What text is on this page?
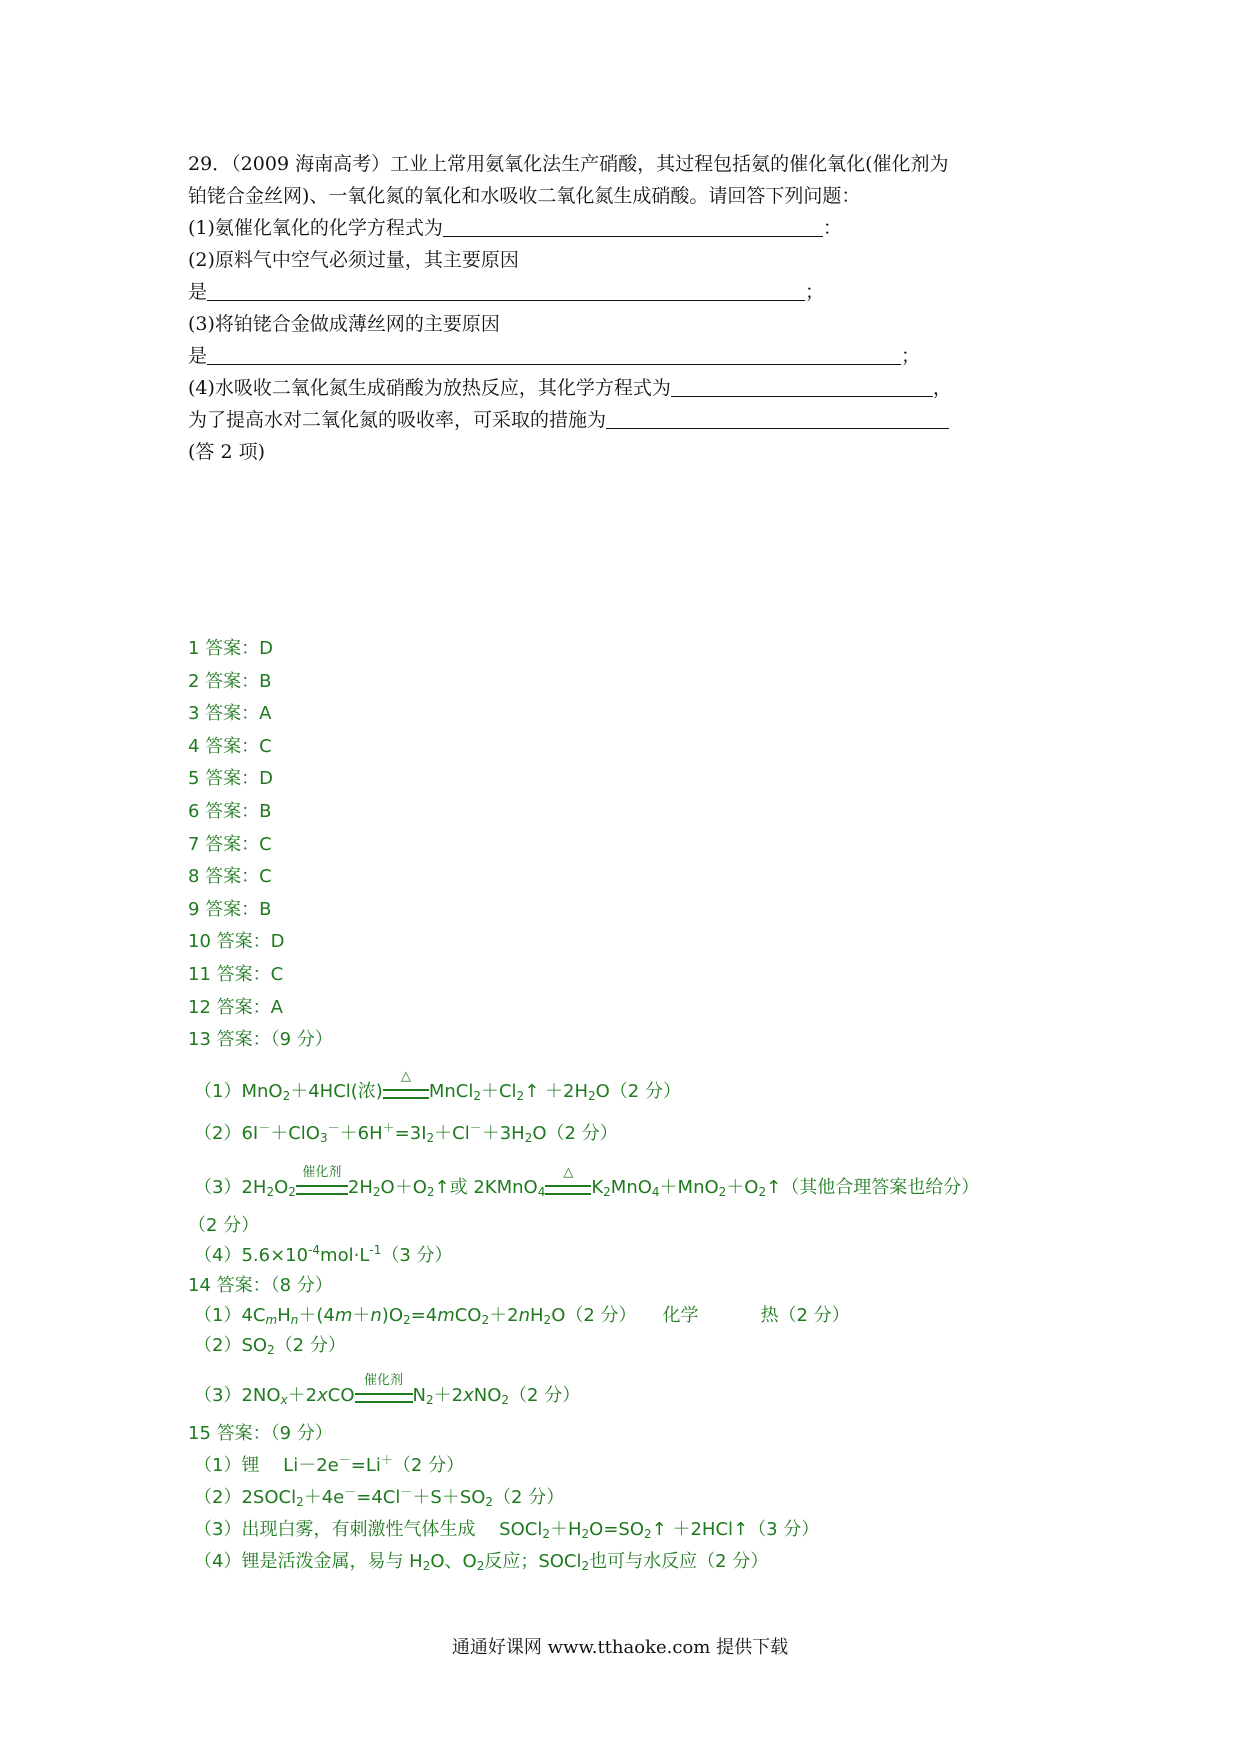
29．（2009 海南高考）工业上常用氨氧化法生产硝酸，其过程包括氨的催化氧化(催化剂为
铂铑合金丝网)、一氧化氮的氧化和水吸收二氧化氮生成硝酸。请回答下列问题：
(1)氨催化氧化的化学方程式为	：
(2)原料气中空气必须过量，其主要原因
是	；
(3)将铂铑合金做成薄丝网的主要原因
是	；
(4)水吸收二氧化氮生成硝酸为放热反应，其化学方程式为	，
为了提高水对二氧化氮的吸收率，可采取的措施为
(答 2 项)
1 答案：D
2 答案：B
3 答案：A
4 答案：C
5 答案：D
6 答案：B
7 答案：C
8 答案：C
9 答案：B
10 答案：D
11 答案：C
12 答案：A
13 答案：（9 分）
（1）MnO$_2$＋4HCl(浓)
△
$MnCl_2+Cl_2↑ +2H_2O(2$ 分）
$(2)6I^-+ClO_3^-+6H^+=3I_2+Cl^-+3H_2O(2$ 分）
$(3)2H_2O_2$
催化剂
$2H_2O+O_2↑$或 2KMnO$_4$
△
$K_2MnO_4+MnO_2+O_2↑$（其他合理答案也给分）
（2 分）
$(4)5.6\times 10^{-4}mol\cdot L^{-1}(3$ 分）
14 答案：（8 分）
$(1)4C_mH_n+(4m+n)O_2=4mCO_2+2nH_2O(2$ 分） 化学	热（2 分）
$(2)SO_2(2$ 分）
$(3)2NO_x+2xCO$
催化剂
$N_2+2xNO_2(2$ 分）
15 答案：（9 分）
（1）锂　 Li－2e－=Li＋（2 分）
$(2)2SOCl_2+4e^-=4Cl^-+S+SO_2(2$ 分）
（3）出现白雾，有刺激性气体生成　 $SOCl_2+H_2O=SO_2↑$ ＋2HCl↑（3 分）
（4）锂是活泼金属，易与 $H_2O$、$O_2$反应；SOCl$_2$也可与水反应（2 分）
通通好课网 www.tthaoke.com 提供下载
